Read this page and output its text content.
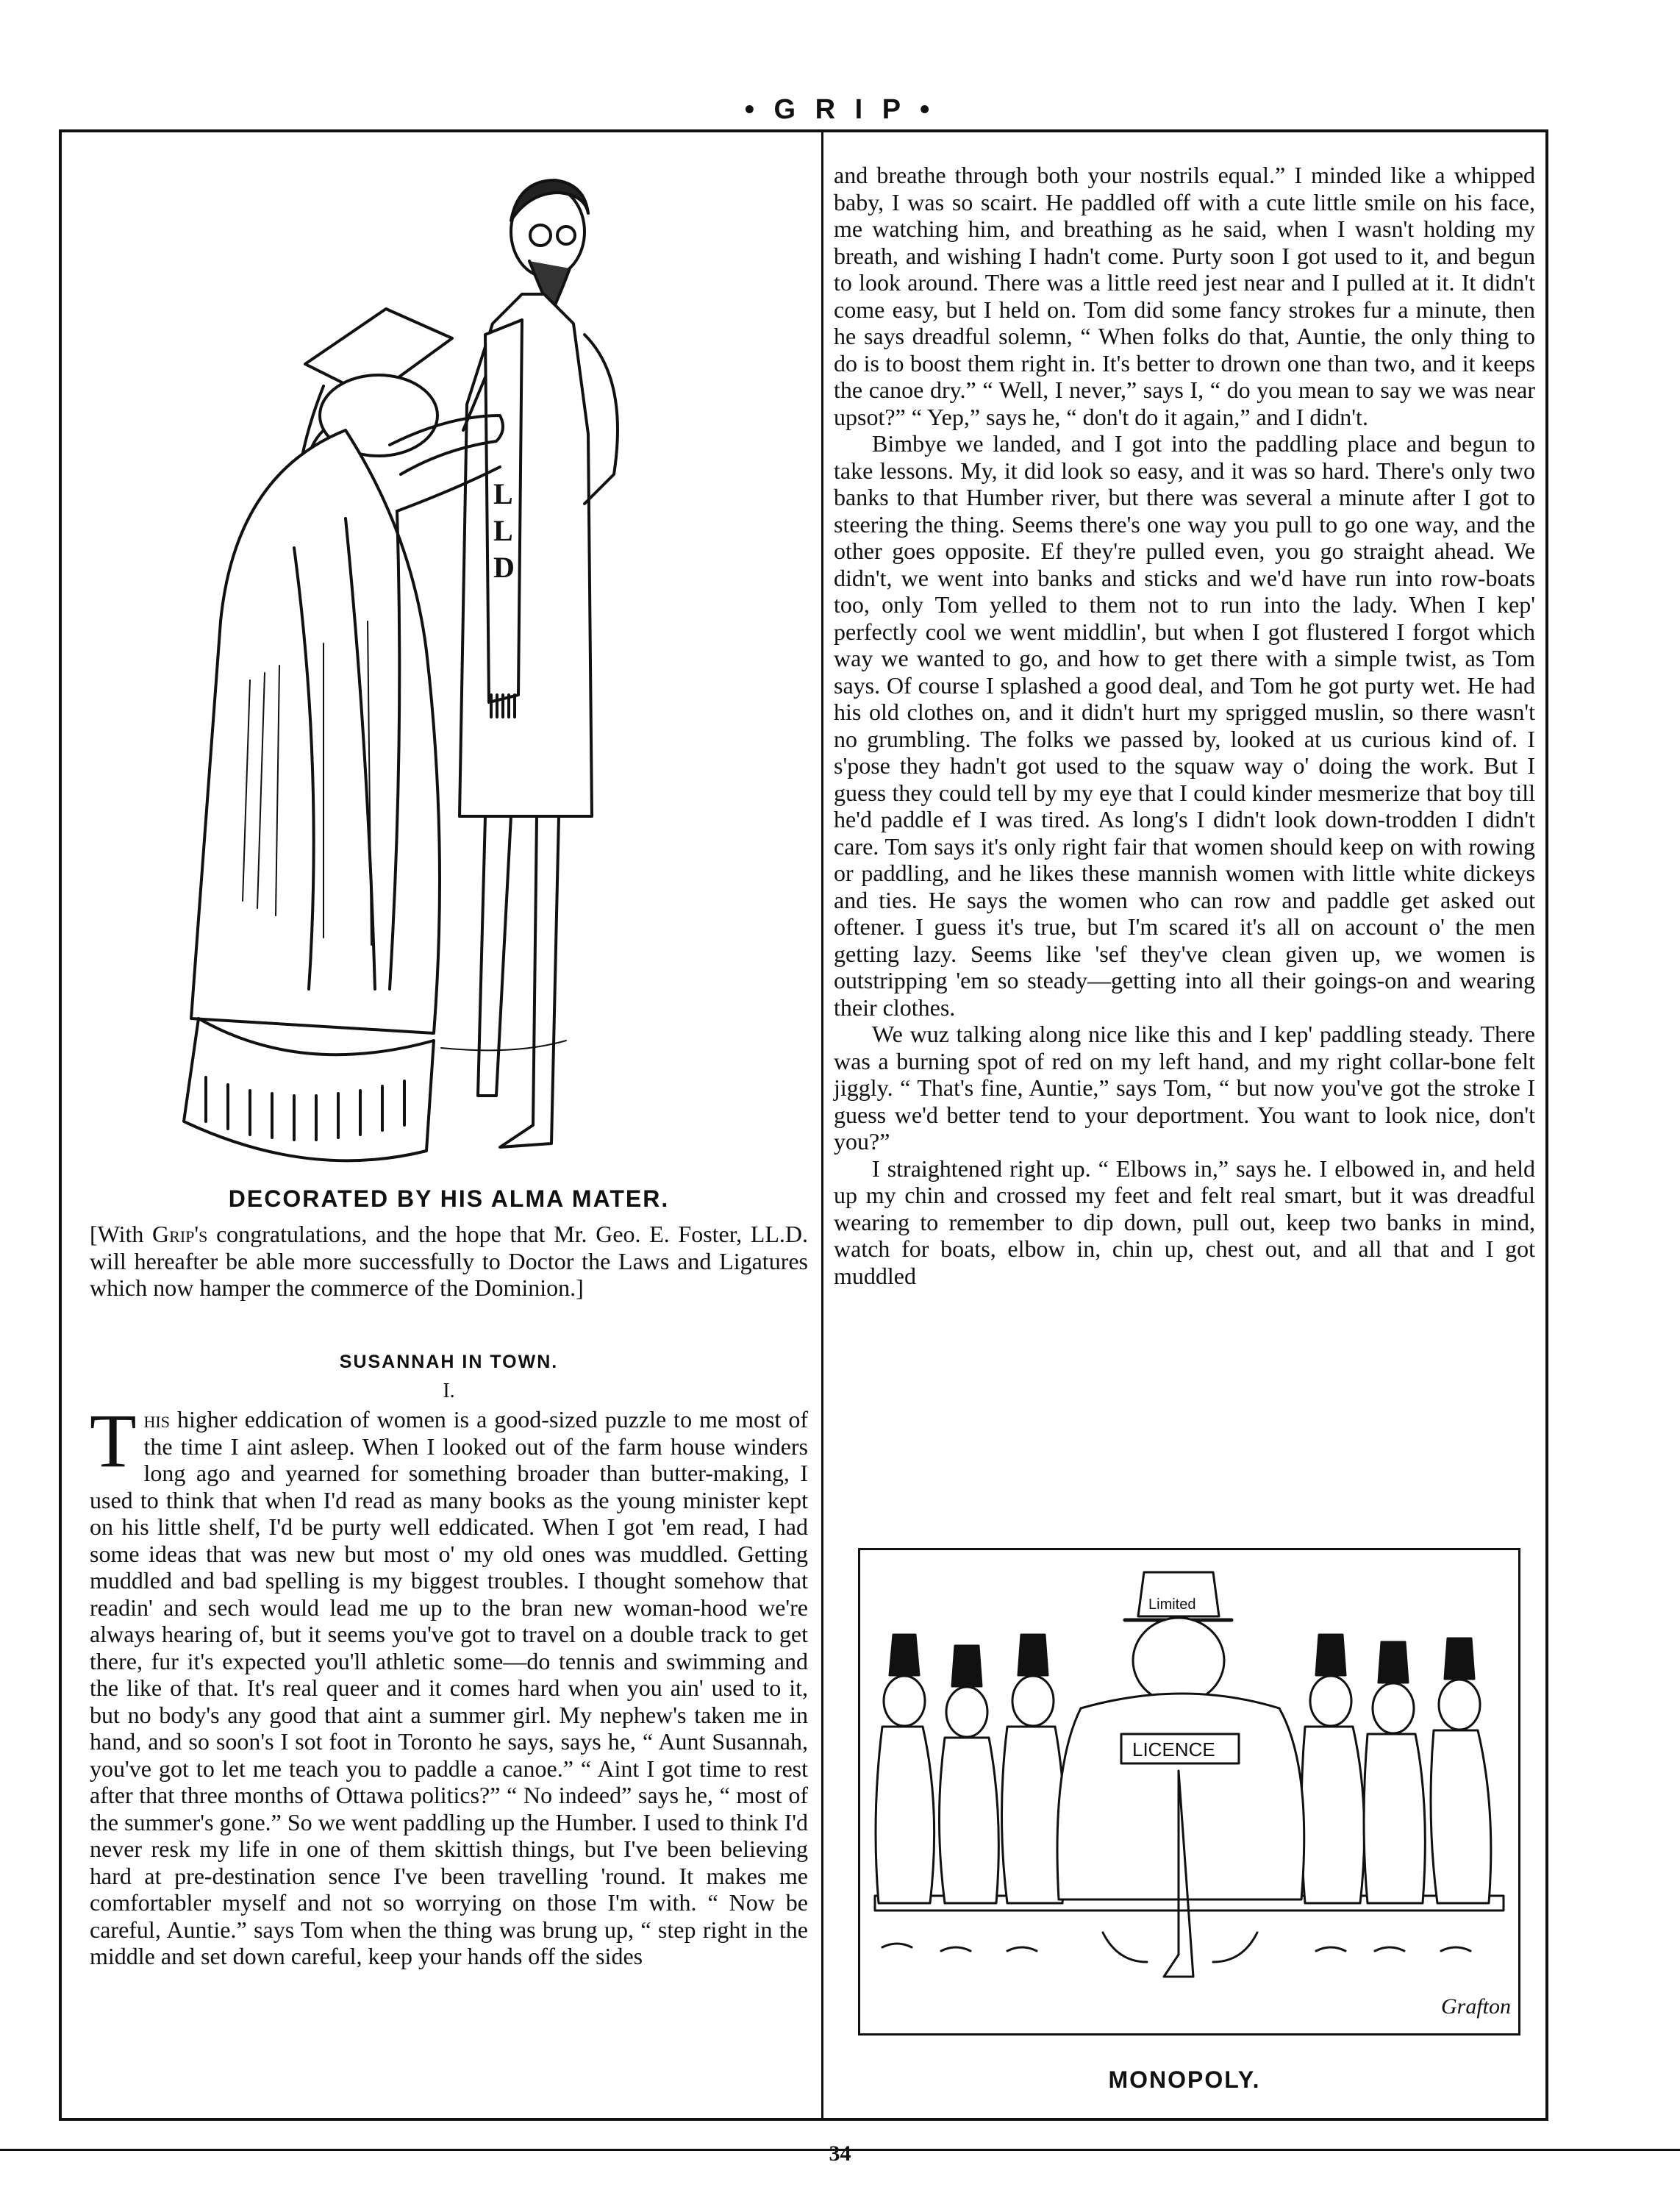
• G R I P •
L
L
D
DECORATED BY HIS ALMA MATER.
[With Grip's congratulations, and the hope that Mr. Geo. E. Foster, LL.D. will hereafter be able more successfully to Doctor the Laws and Ligatures which now hamper the commerce of the Dominion.]
SUSANNAH IN TOWN.
I.

This higher eddication of women is a good-sized puzzle to me most of the time I aint asleep. When I looked out of the farm house winders long ago and yearned for something broader than butter-making, I used to think that when I'd read as many books as the young minister kept on his little shelf, I'd be purty well eddicated. When I got 'em read, I had some ideas that was new but most o' my old ones was muddled. Getting muddled and bad spelling is my biggest troubles. I thought somehow that readin' and sech would lead me up to the bran new woman-hood we're always hearing of, but it seems you've got to travel on a double track to get there, fur it's expected you'll athletic some—do tennis and swimming and the like of that. It's real queer and it comes hard when you ain' used to it, but no body's any good that aint a summer girl. My nephew's taken me in hand, and so soon's I sot foot in Toronto he says, says he, “ Aunt Susannah, you've got to let me teach you to paddle a canoe.” “ Aint I got time to rest after that three months of Ottawa politics?” “ No indeed” says he, “ most of the summer's gone.” So we went paddling up the Humber. I used to think I'd never resk my life in one of them skittish things, but I've been believing hard at pre-destination sence I've been travelling 'round. It makes me comfortabler myself and not so worrying on those I'm with. “ Now be careful, Auntie.” says Tom when the thing was brung up, “ step right in the middle and set down careful, keep your hands off the sides

and breathe through both your nostrils equal.” I minded like a whipped baby, I was so scairt. He paddled off with a cute little smile on his face, me watching him, and breathing as he said, when I wasn't holding my breath, and wishing I hadn't come. Purty soon I got used to it, and begun to look around. There was a little reed jest near and I pulled at it. It didn't come easy, but I held on. Tom did some fancy strokes fur a minute, then he says dreadful solemn, “ When folks do that, Auntie, the only thing to do is to boost them right in. It's better to drown one than two, and it keeps the canoe dry.” “ Well, I never,” says I, “ do you mean to say we was near upsot?” “ Yep,” says he, “ don't do it again,” and I didn't.

Bimbye we landed, and I got into the paddling place and begun to take lessons. My, it did look so easy, and it was so hard. There's only two banks to that Humber river, but there was several a minute after I got to steering the thing. Seems there's one way you pull to go one way, and the other goes opposite. Ef they're pulled even, you go straight ahead. We didn't, we went into banks and sticks and we'd have run into row-boats too, only Tom yelled to them not to run into the lady. When I kep' perfectly cool we went middlin', but when I got flustered I forgot which way we wanted to go, and how to get there with a simple twist, as Tom says. Of course I splashed a good deal, and Tom he got purty wet. He had his old clothes on, and it didn't hurt my sprigged muslin, so there wasn't no grumbling. The folks we passed by, looked at us curious kind of. I s'pose they hadn't got used to the squaw way o' doing the work. But I guess they could tell by my eye that I could kinder mesmerize that boy till he'd paddle ef I was tired. As long's I didn't look down-trodden I didn't care. Tom says it's only right fair that women should keep on with rowing or paddling, and he likes these mannish women with little white dickeys and ties. He says the women who can row and paddle get asked out oftener. I guess it's true, but I'm scared it's all on account o' the men getting lazy. Seems like 'sef they've clean given up, we women is outstripping 'em so steady—getting into all their goings-on and wearing their clothes.

We wuz talking along nice like this and I kep' paddling steady. There was a burning spot of red on my left hand, and my right collar-bone felt jiggly. “ That's fine, Auntie,” says Tom, “ but now you've got the stroke I guess we'd better tend to your deportment. You want to look nice, don't you?”

I straightened right up. “ Elbows in,” says he. I elbowed in, and held up my chin and crossed my feet and felt real smart, but it was dreadful wearing to remember to dip down, pull out, keep two banks in mind, watch for boats, elbow in, chin up, chest out, and all that and I got muddled

Limited
LICENCE
Grafton
MONOPOLY.
34
